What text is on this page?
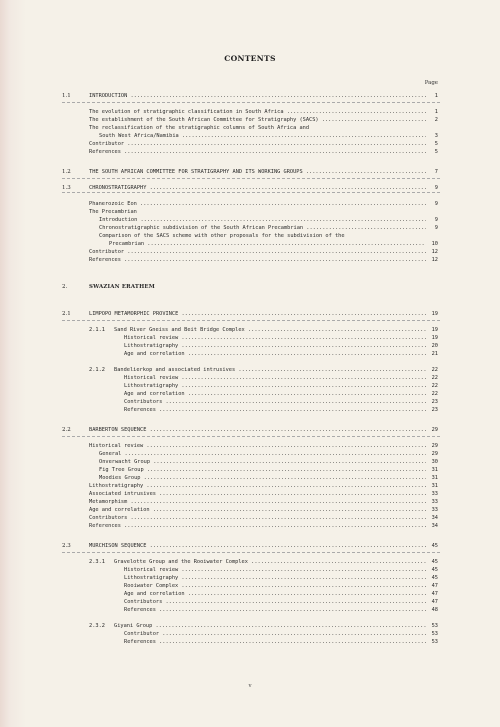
CONTENTS
Page
1.1	INTRODUCTION .....	1
The evolution of stratigraphic classification in South Africa .....	1
The establishment of the South African Committee for Stratigraphy (SACS) .....	2
The reclassification of the stratigraphic columns of South Africa and
South West Africa/Namibia .....	3
Contributor .....	5
References .....	5
1.2	THE SOUTH AFRICAN COMMITTEE FOR STRATIGRAPHY AND ITS WORKING GROUPS .....	7
1.3	CHRONOSTRATIGRAPHY .....	9
Phanerozoic Eon .....	9
The Precambrian
Introduction .....	9
Chronostratigraphic subdivision of the South African Precambrian .....	9
Comparison of the SACS scheme with other proposals for the subdivision of the
Precambrian .....	10
Contributor .....	12
References .....	12
2.	SWAZIAN ERATHEM
2.1	LIMPOPO METAMORPHIC PROVINCE .....	19
2.1.1 Sand River Gneiss and Beit Bridge Complex .....	19
Historical review .....	19
Lithostratigraphy .....	20
Age and correlation .....	21
2.1.2 Bandelierkop and associated intrusives .....	22
Historical review .....	22
Lithostratigraphy .....	22
Age and correlation .....	22
Contributors .....	23
References .....	23
2.2	BARBERTON SEQUENCE .....	29
Historical review .....	29
General .....	29
Onverwacht Group .....	30
Fig Tree Group .....	31
Moodies Group .....	31
Lithostratigraphy .....	31
Associated intrusives .....	33
Metamorphism .....	33
Age and correlation .....	33
Contributors .....	34
References .....	34
2.3	MURCHISON SEQUENCE .....	45
2.3.1 Gravelotte Group and the Rooiwater Complex .....	45
Historical review .....	45
Lithostratigraphy .....	45
Rooiwater Complex .....	47
Age and correlation .....	47
Contributors .....	47
References .....	48
2.3.2 Giyani Group .....	53
Contributor .....	53
References .....	53
v
